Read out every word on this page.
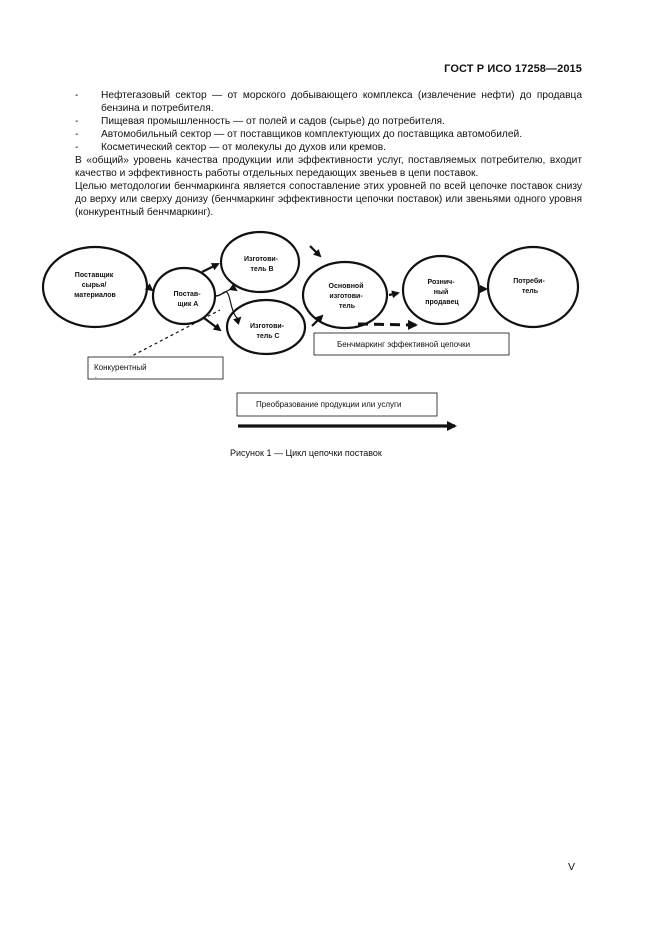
ГОСТ Р ИСО 17258—2015
- Нефтегазовый сектор — от морского добывающего комплекса (извлечение нефти) до продавца бензина и потребителя.
- Пищевая промышленность — от полей и садов (сырье) до потребителя.
- Автомобильный сектор — от поставщиков комплектующих до поставщика автомобилей.
- Косметический сектор — от молекулы до духов или кремов.
В «общий» уровень качества продукции или эффективности услуг, поставляемых потребителю, входит качество и эффективность работы отдельных передающих звеньев в цепи поставок.
Целью методологии бенчмаркинга является сопоставление этих уровней по всей цепочке поставок снизу до верху или сверху донизу (бенчмаркинг эффективности цепочки поставок) или звеньями одного уровня (конкурентный бенчмаркинг).
Поставщик сырья/ материалов	Постав- щик А
Изготови- тель В
Изготови- тель С
Основной изготови- тель
Рознич- ный продавец
Потреби- тель
Бенчмаркинг эффективной цепочки
Конкурентный
-
Преобразование продукции или услуги
Рисунок 1 — Цикл цепочки поставок
V
